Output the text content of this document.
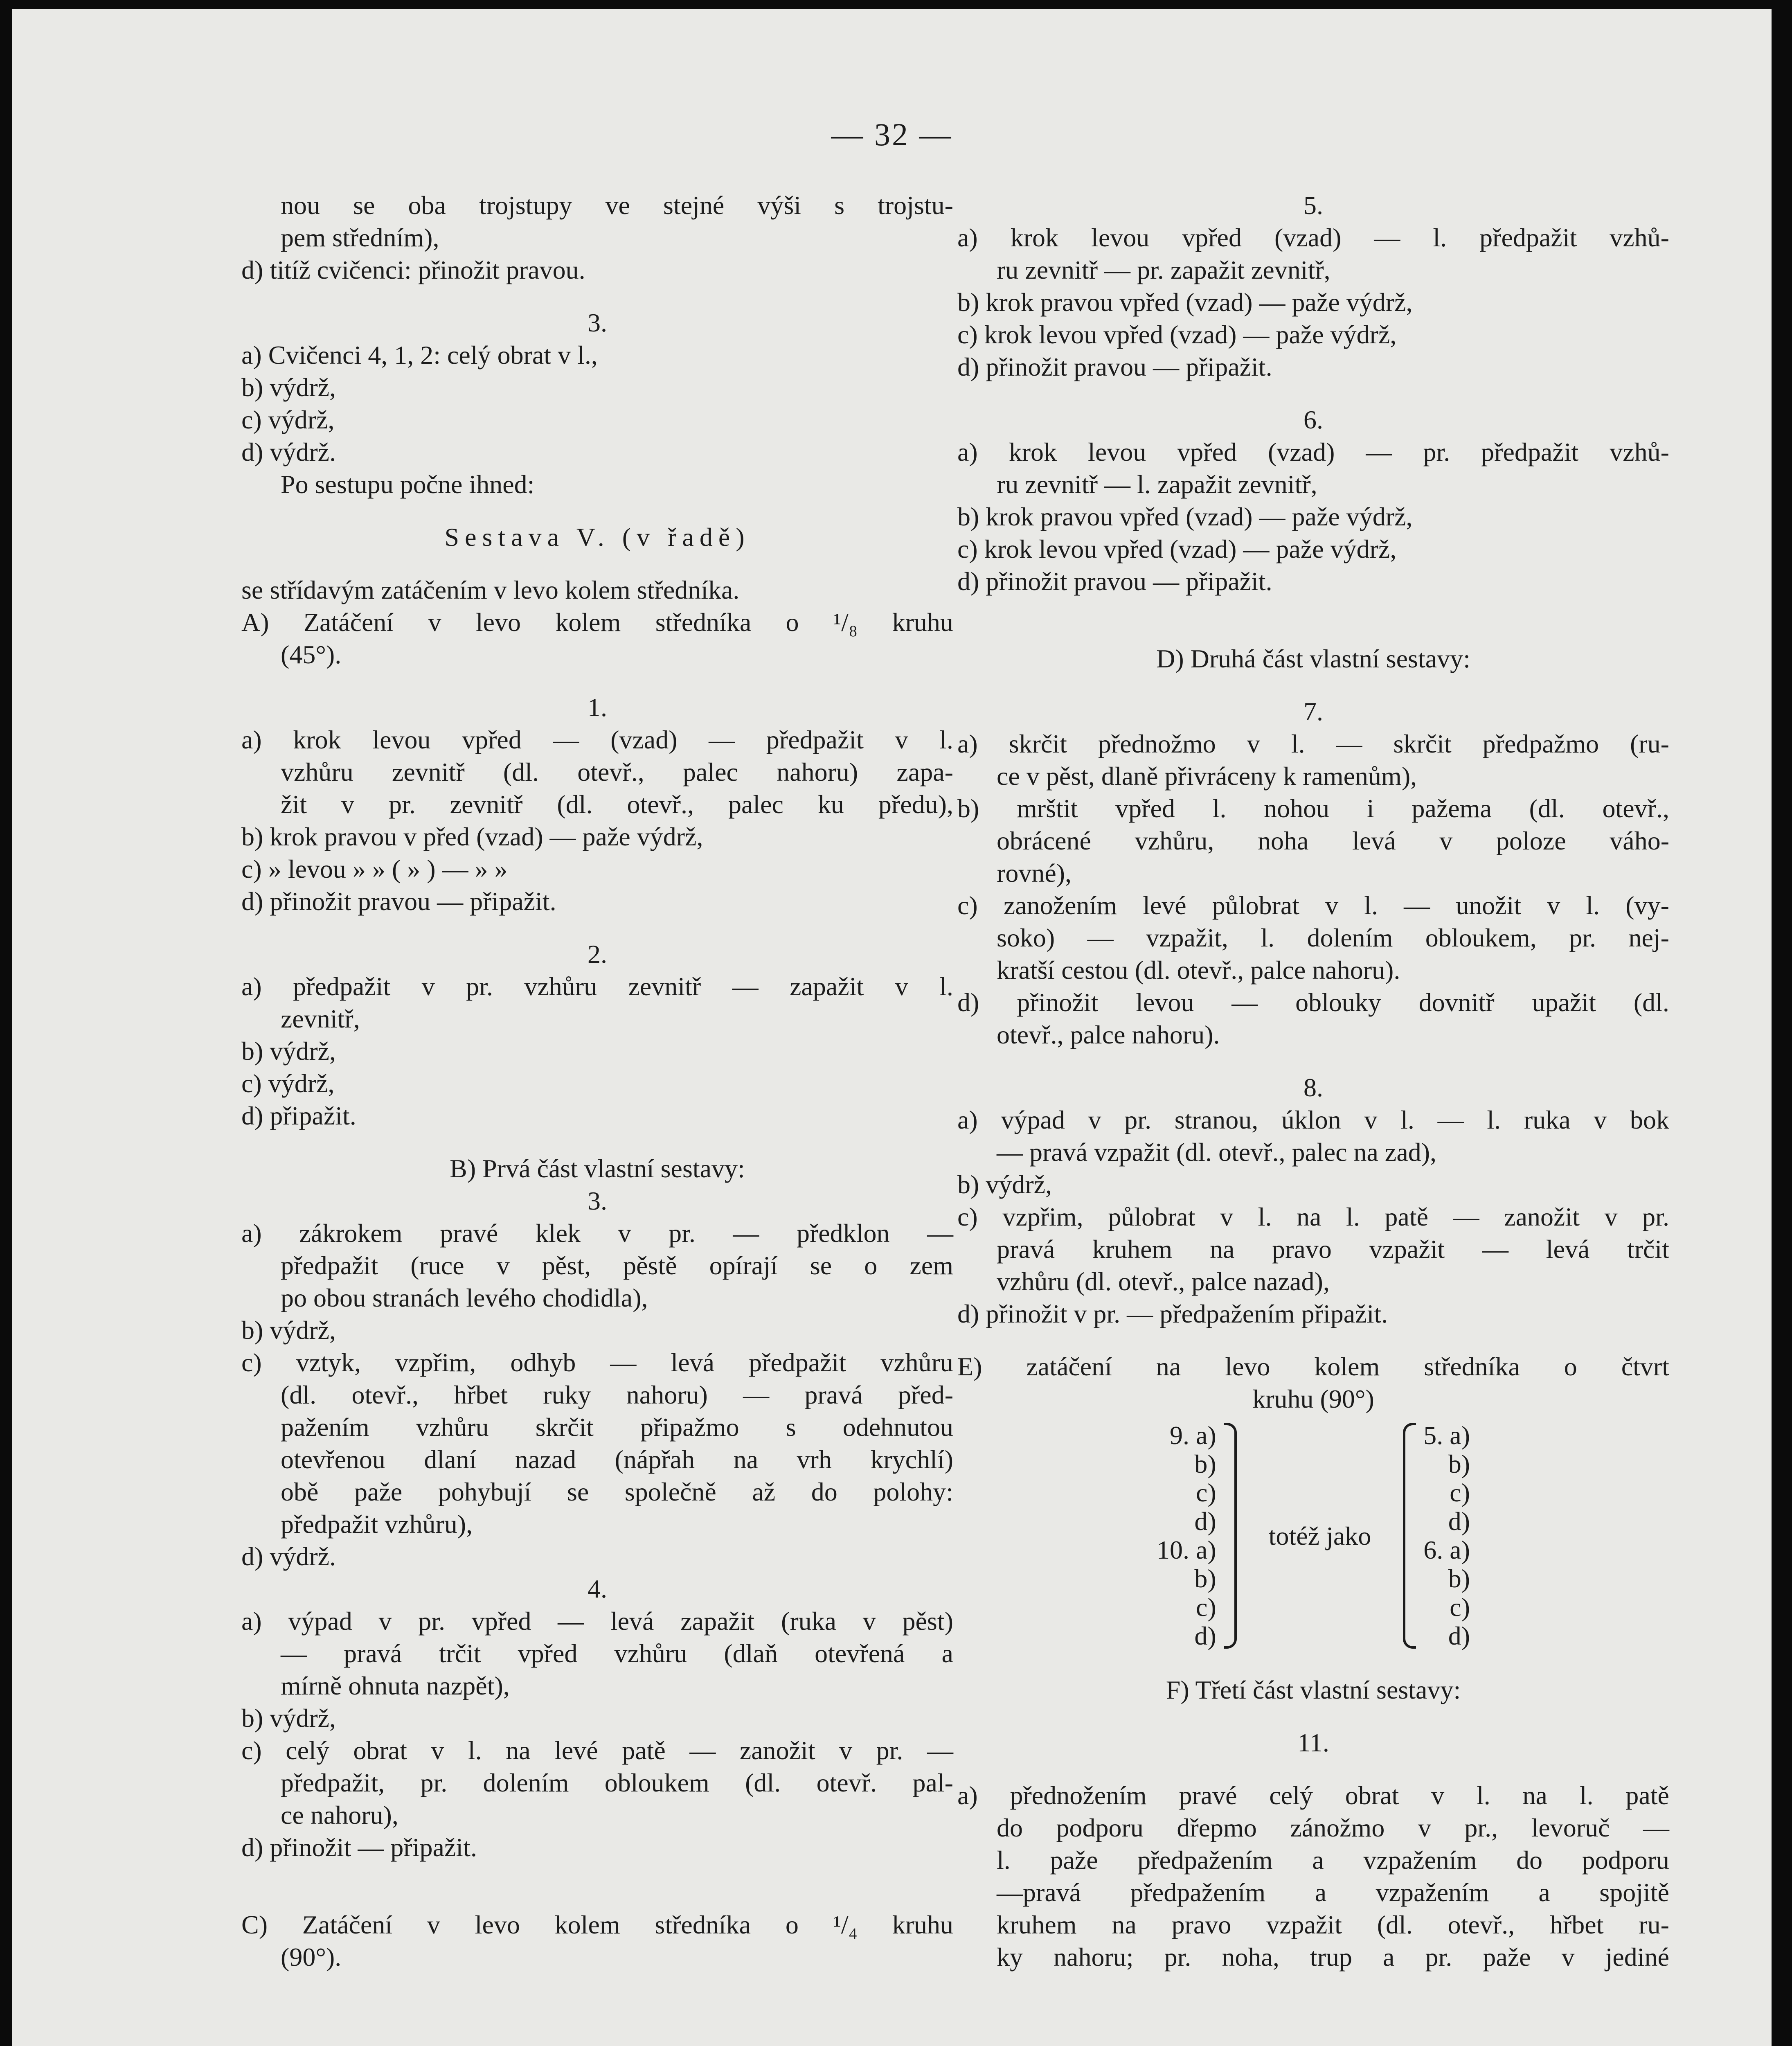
— 32 —
nou se oba trojstupy ve stejné výši s trojstu-
pem středním),
d) titíž cvičenci: přinožit pravou.
3.
a) Cvičenci 4, 1, 2: celý obrat v l.,
b) výdrž,
c) výdrž,
d) výdrž.
Po sestupu počne ihned:
Sestava V. (v řadě)
se střídavým zatáčením v levo kolem středníka.
A) Zatáčení v levo kolem středníka o ¹/₈ kruhu
(45°).
1.
a) krok levou vpřed — (vzad) — předpažit v l.
vzhůru zevnitř (dl. otevř., palec nahoru) zapa-
žit v pr. zevnitř (dl. otevř., palec ku předu),
b) krok pravou v před (vzad) — paže výdrž,
c) » levou » » ( » ) — » »
d) přinožit pravou — připažit.
2.
a) předpažit v pr. vzhůru zevnitř — zapažit v l.
zevnitř,
b) výdrž,
c) výdrž,
d) připažit.
B) Prvá část vlastní sestavy:
3.
a) zákrokem pravé klek v pr. — předklon —
předpažit (ruce v pěst, pěstě opírají se o zem
po obou stranách levého chodidla),
b) výdrž,
c) vztyk, vzpřim, odhyb — levá předpažit vzhůru
(dl. otevř., hřbet ruky nahoru) — pravá před-
pažením vzhůru skrčit připažmo s odehnutou
otevřenou dlaní nazad (nápřah na vrh krychlí)
obě paže pohybují se společně až do polohy:
předpažit vzhůru),
d) výdrž.
4.
a) výpad v pr. vpřed — levá zapažit (ruka v pěst)
— pravá trčit vpřed vzhůru (dlaň otevřená a
mírně ohnuta nazpět),
b) výdrž,
c) celý obrat v l. na levé patě — zanožit v pr. —
předpažit, pr. dolením obloukem (dl. otevř. pal-
ce nahoru),
d) přinožit — připažit.
C) Zatáčení v levo kolem středníka o ¹/₄ kruhu
(90°).
5.
a) krok levou vpřed (vzad) — l. předpažit vzhů-
ru zevnitř — pr. zapažit zevnitř,
b) krok pravou vpřed (vzad) — paže výdrž,
c) krok levou vpřed (vzad) — paže výdrž,
d) přinožit pravou — připažit.
6.
a) krok levou vpřed (vzad) — pr. předpažit vzhů-
ru zevnitř — l. zapažit zevnitř,
b) krok pravou vpřed (vzad) — paže výdrž,
c) krok levou vpřed (vzad) — paže výdrž,
d) přinožit pravou — připažit.
D) Druhá část vlastní sestavy:
7.
a) skrčit přednožmo v l. — skrčit předpažmo (ru-
ce v pěst, dlaně přivráceny k ramenům),
b) mrštit vpřed l. nohou i pažema (dl. otevř.,
obrácené vzhůru, noha levá v poloze váho-
rovné),
c) zanožením levé půlobrat v l. — unožit v l. (vy-
soko) — vzpažit, l. dolením obloukem, pr. nej-
kratší cestou (dl. otevř., palce nahoru).
d) přinožit levou — oblouky dovnitř upažit (dl.
otevř., palce nahoru).
8.
a) výpad v pr. stranou, úklon v l. — l. ruka v bok
— pravá vzpažit (dl. otevř., palec na zad),
b) výdrž,
c) vzpřim, půlobrat v l. na l. patě — zanožit v pr.
pravá kruhem na pravo vzpažit — levá trčit
vzhůru (dl. otevř., palce nazad),
d) přinožit v pr. — předpažením připažit.
E) zatáčení na levo kolem středníka o čtvrt
kruhu (90°)
9. a)
b)
c)
d)
10. a)
b)
c)
d)
totéž jako
5. a)
b)
c)
d)
6. a)
b)
c)
d)
F) Třetí část vlastní sestavy:
11.
a) přednožením pravé celý obrat v l. na l. patě
do podporu dřepmo zánožmo v pr., levoruč —
l. paže předpažením a vzpažením do podporu
—pravá předpažením a vzpažením a spojitě
kruhem na pravo vzpažit (dl. otevř., hřbet ru-
ky nahoru; pr. noha, trup a pr. paže v jediné
